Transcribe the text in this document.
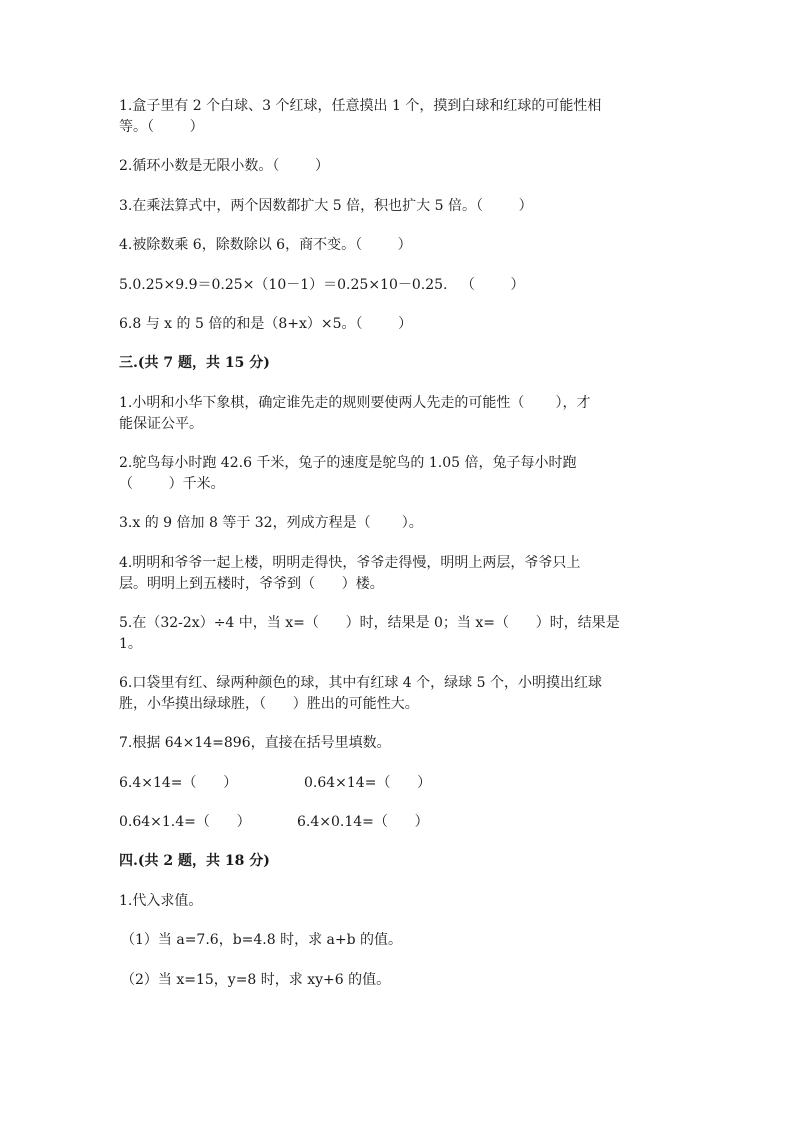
1.盒子里有 2 个白球、3 个红球，任意摸出 1 个，摸到白球和红球的可能性相
等。（        ）
2.循环小数是无限小数。（        ）
3.在乘法算式中，两个因数都扩大 5 倍，积也扩大 5 倍。（        ）
4.被除数乘 6，除数除以 6，商不变。（        ）
5.0.25×9.9＝0.25×（10－1）＝0.25×10－0.25.   （        ）
6.8 与 x 的 5 倍的和是（8+x）×5。（        ）
三.(共 7 题，共 15 分)
1.小明和小华下象棋，确定谁先走的规则要使两人先走的可能性（       ），才
能保证公平。
2.鸵鸟每小时跑 42.6 千米，兔子的速度是鸵鸟的 1.05 倍，兔子每小时跑
（        ）千米。
3.x 的 9 倍加 8 等于 32，列成方程是（       ）。
4.明明和爷爷一起上楼，明明走得快，爷爷走得慢，明明上两层，爷爷只上
层。明明上到五楼时，爷爷到（      ）楼。
5.在（32-2x）÷4 中，当 x=（      ）时，结果是 0；当 x=（      ）时，结果是
1。
6.口袋里有红、绿两种颜色的球，其中有红球 4 个，绿球 5 个，小明摸出红球
胜，小华摸出绿球胜，（      ）胜出的可能性大。
7.根据 64×14=896，直接在括号里填数。
6.4×14=（      ）	0.64×14=（      ）
0.64×1.4=（      ）	6.4×0.14=（      ）
四.(共 2 题，共 18 分)
1.代入求值。
（1）当 a=7.6，b=4.8 时，求 a+b 的值。
（2）当 x=15，y=8 时，求 xy+6 的值。
